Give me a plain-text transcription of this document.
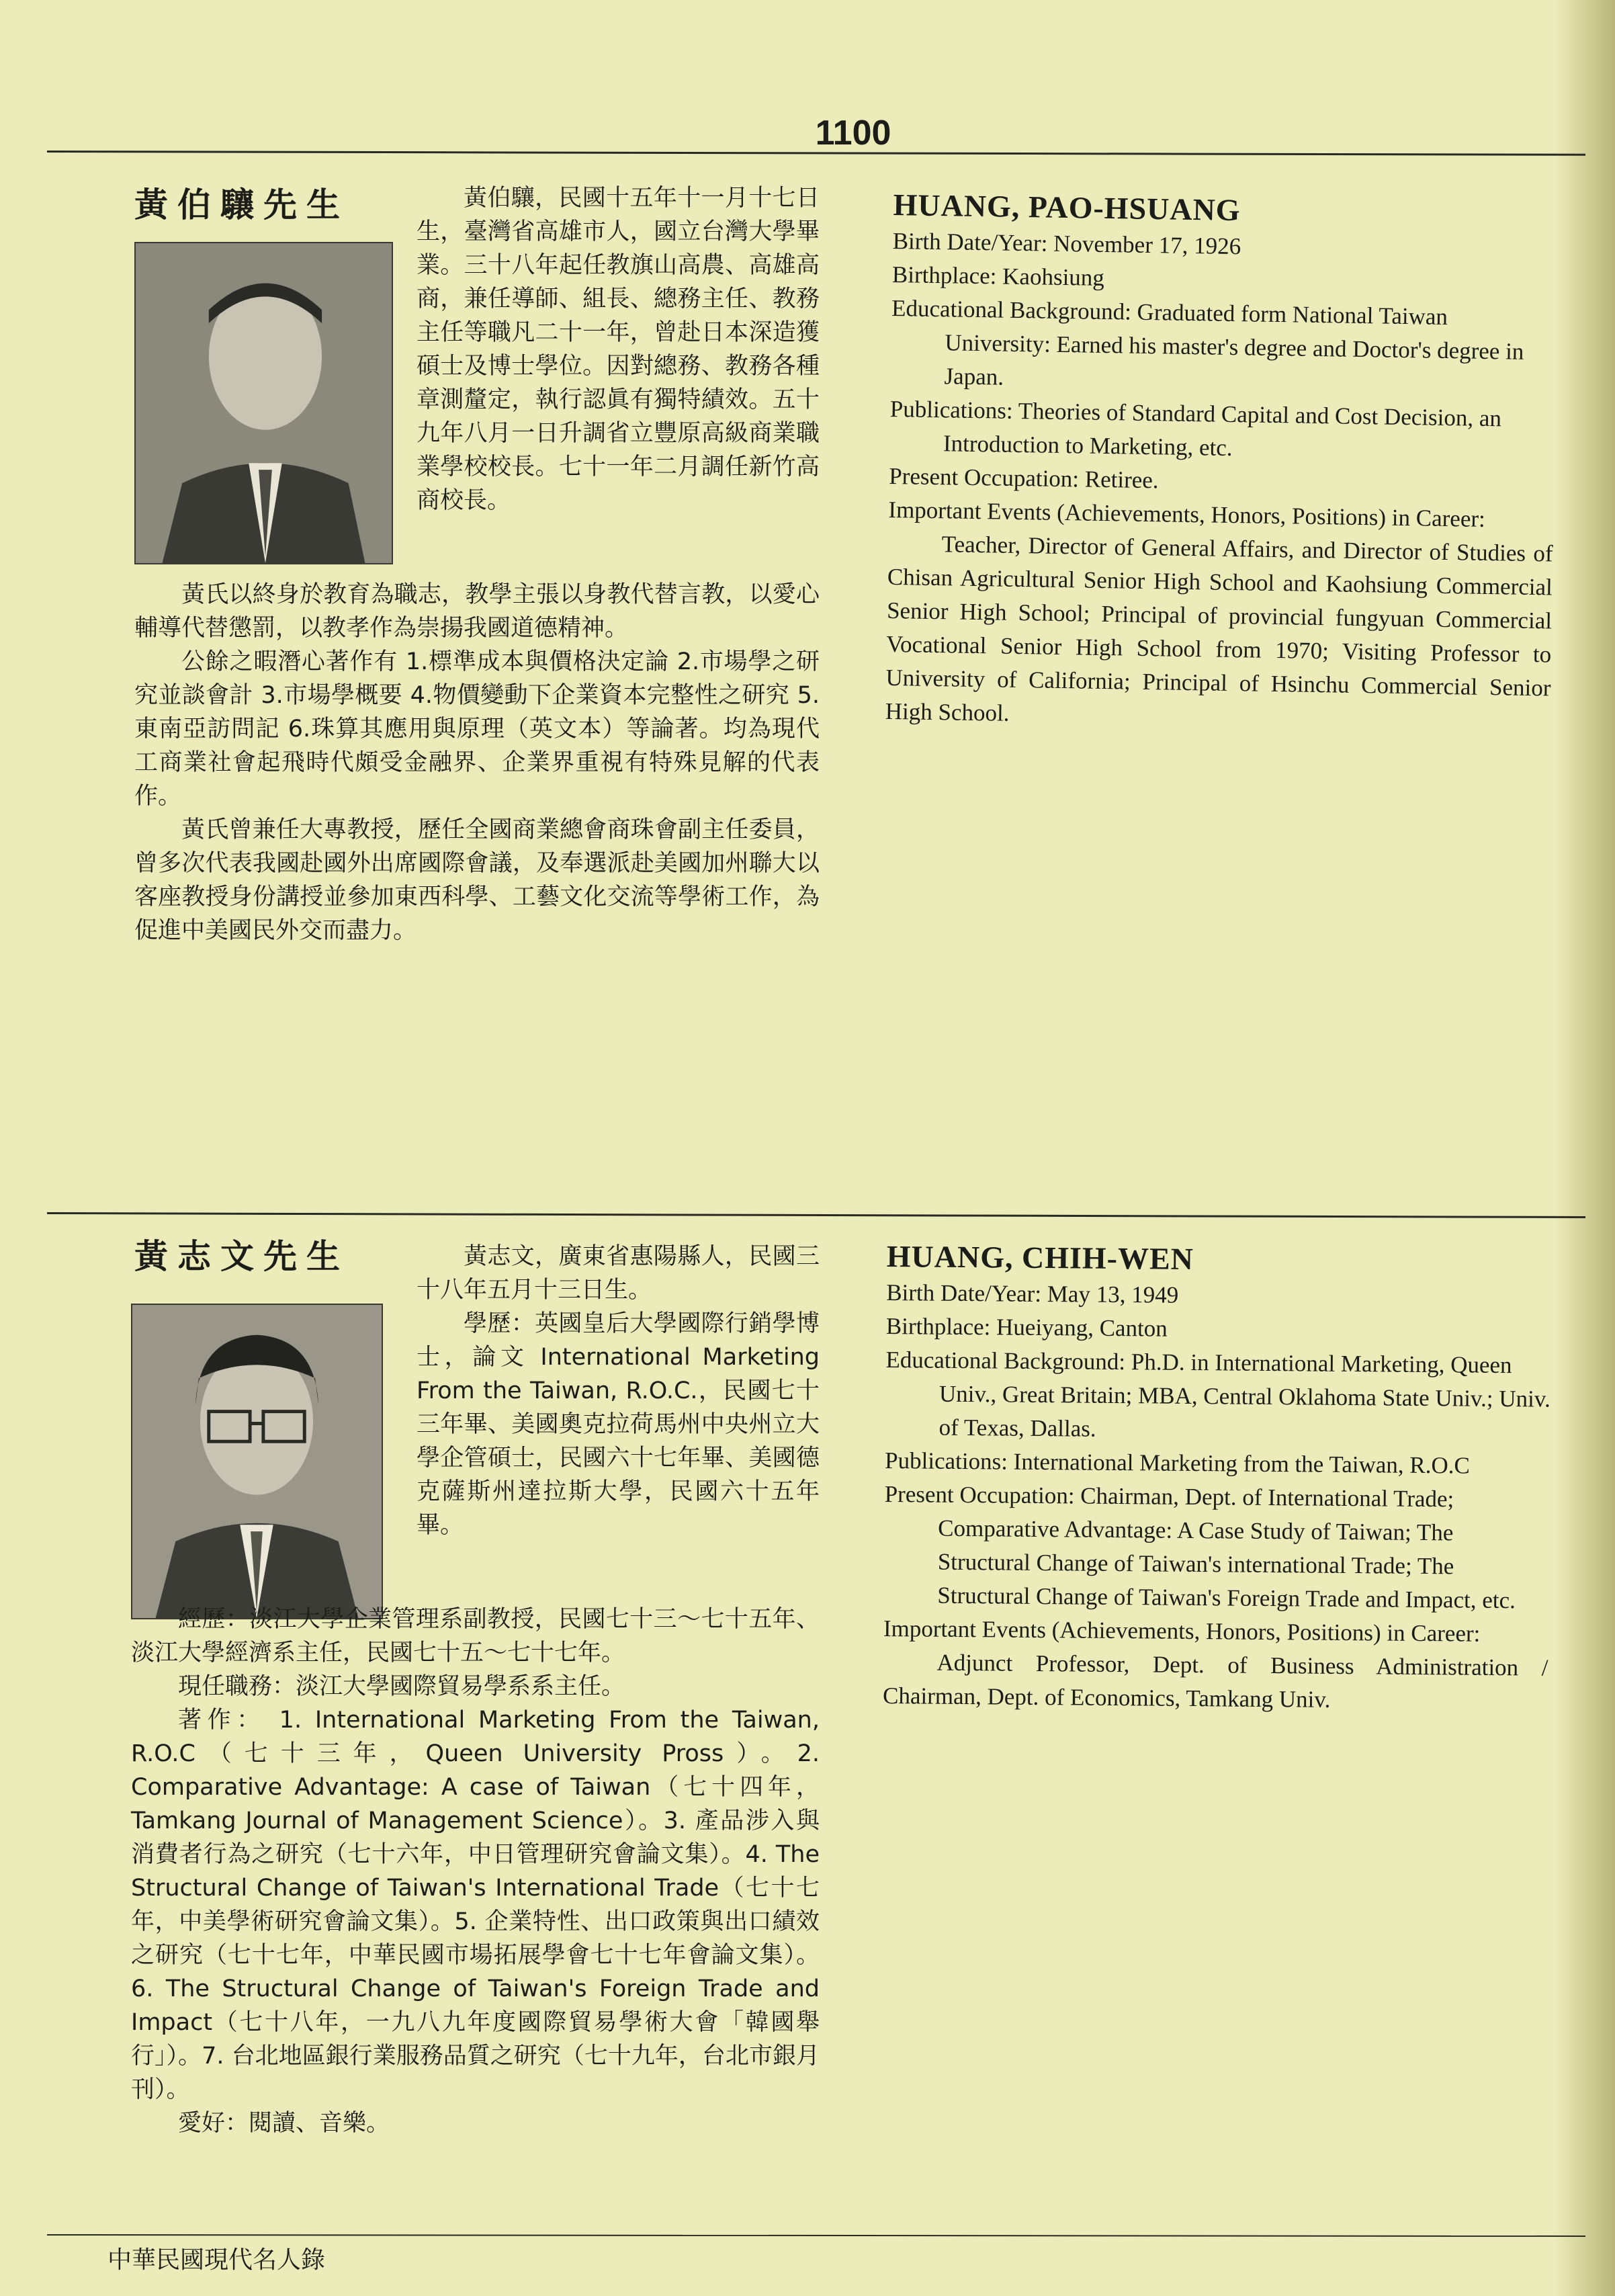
1100
黃伯驤先生	黃伯驤，民國十五年十一月十七日生，臺灣省高雄市人，國立台灣大學畢業。三十八年起任教旗山高農、高雄高商，兼任導師、組長、總務主任、教務主任等職凡二十一年，曾赴日本深造獲碩士及博士學位。因對總務、教務各種章測釐定，執行認眞有獨特績效。五十九年八月一日升調省立豐原高級商業職業學校校長。七十一年二月調任新竹高商校長。

黃氏以終身於教育為職志，教學主張以身教代替言教，以愛心輔導代替懲罰，以教孝作為崇揚我國道德精神。

公餘之暇潛心著作有 1.標準成本與價格決定論 2.市場學之研究並談會計 3.市場學概要 4.物價變動下企業資本完整性之研究 5.東南亞訪問記 6.珠算其應用與原理（英文本）等論著。均為現代工商業社會起飛時代頗受金融界、企業界重視有特殊見解的代表作。

黃氏曾兼任大專教授，歷任全國商業總會商珠會副主任委員，曾多次代表我國赴國外出席國際會議，及奉選派赴美國加州聯大以客座教授身份講授並參加東西科學、工藝文化交流等學術工作，為促進中美國民外交而盡力。

HUANG, PAO-HSUANG

Birth Date/Year: November 17, 1926

Birthplace: Kaohsiung

Educational Background: Graduated form National Taiwan University: Earned his master's degree and Doctor's degree in Japan.

Publications: Theories of Standard Capital and Cost Decision, an Introduction to Marketing, etc.

Present Occupation: Retiree.

Important Events (Achievements, Honors, Positions) in Career:

Teacher, Director of General Affairs, and Director of Studies of Chisan Agricultural Senior High School and Kaohsiung Commercial Senior High School; Principal of provincial fungyuan Commercial Vocational Senior High School from 1970; Visiting Professor to University of California; Principal of Hsinchu Commercial Senior High School.

黃志文先生	黃志文，廣東省惠陽縣人，民國三十八年五月十三日生。

學歷：英國皇后大學國際行銷學博士，論文 International Marketing From the Taiwan, R.O.C.，民國七十三年畢、美國奧克拉荷馬州中央州立大學企管碩士，民國六十七年畢、美國德克薩斯州達拉斯大學，民國六十五年畢。

經歷：淡江大學企業管理系副教授，民國七十三～七十五年、淡江大學經濟系主任，民國七十五～七十七年。

現任職務：淡江大學國際貿易學系系主任。

著作： 1. International Marketing From the Taiwan, R.O.C（七十三年，Queen University Pross）。2. Comparative Advantage: A case of Taiwan（七十四年，Tamkang Journal of Management Science）。3. 產品涉入與消費者行為之研究（七十六年，中日管理研究會論文集）。4. The Structural Change of Taiwan's International Trade（七十七年，中美學術研究會論文集）。5. 企業特性、出口政策與出口績效之研究（七十七年，中華民國市場拓展學會七十七年會論文集）。6. The Structural Change of Taiwan's Foreign Trade and Impact（七十八年，一九八九年度國際貿易學術大會「韓國舉行」）。7. 台北地區銀行業服務品質之研究（七十九年，台北市銀月刊）。

愛好：閱讀、音樂。

HUANG, CHIH-WEN

Birth Date/Year: May 13, 1949

Birthplace: Hueiyang, Canton

Educational Background: Ph.D. in International Marketing, Queen Univ., Great Britain; MBA, Central Oklahoma State Univ.; Univ. of Texas, Dallas.

Publications: International Marketing from the Taiwan, R.O.C

Present Occupation: Chairman, Dept. of International Trade; Comparative Advantage: A Case Study of Taiwan; The Structural Change of Taiwan's international Trade; The Structural Change of Taiwan's Foreign Trade and Impact, etc.

Important Events (Achievements, Honors, Positions) in Career:

Adjunct Professor, Dept. of Business Administration / Chairman, Dept. of Economics, Tamkang Univ.

中華民國現代名人錄
